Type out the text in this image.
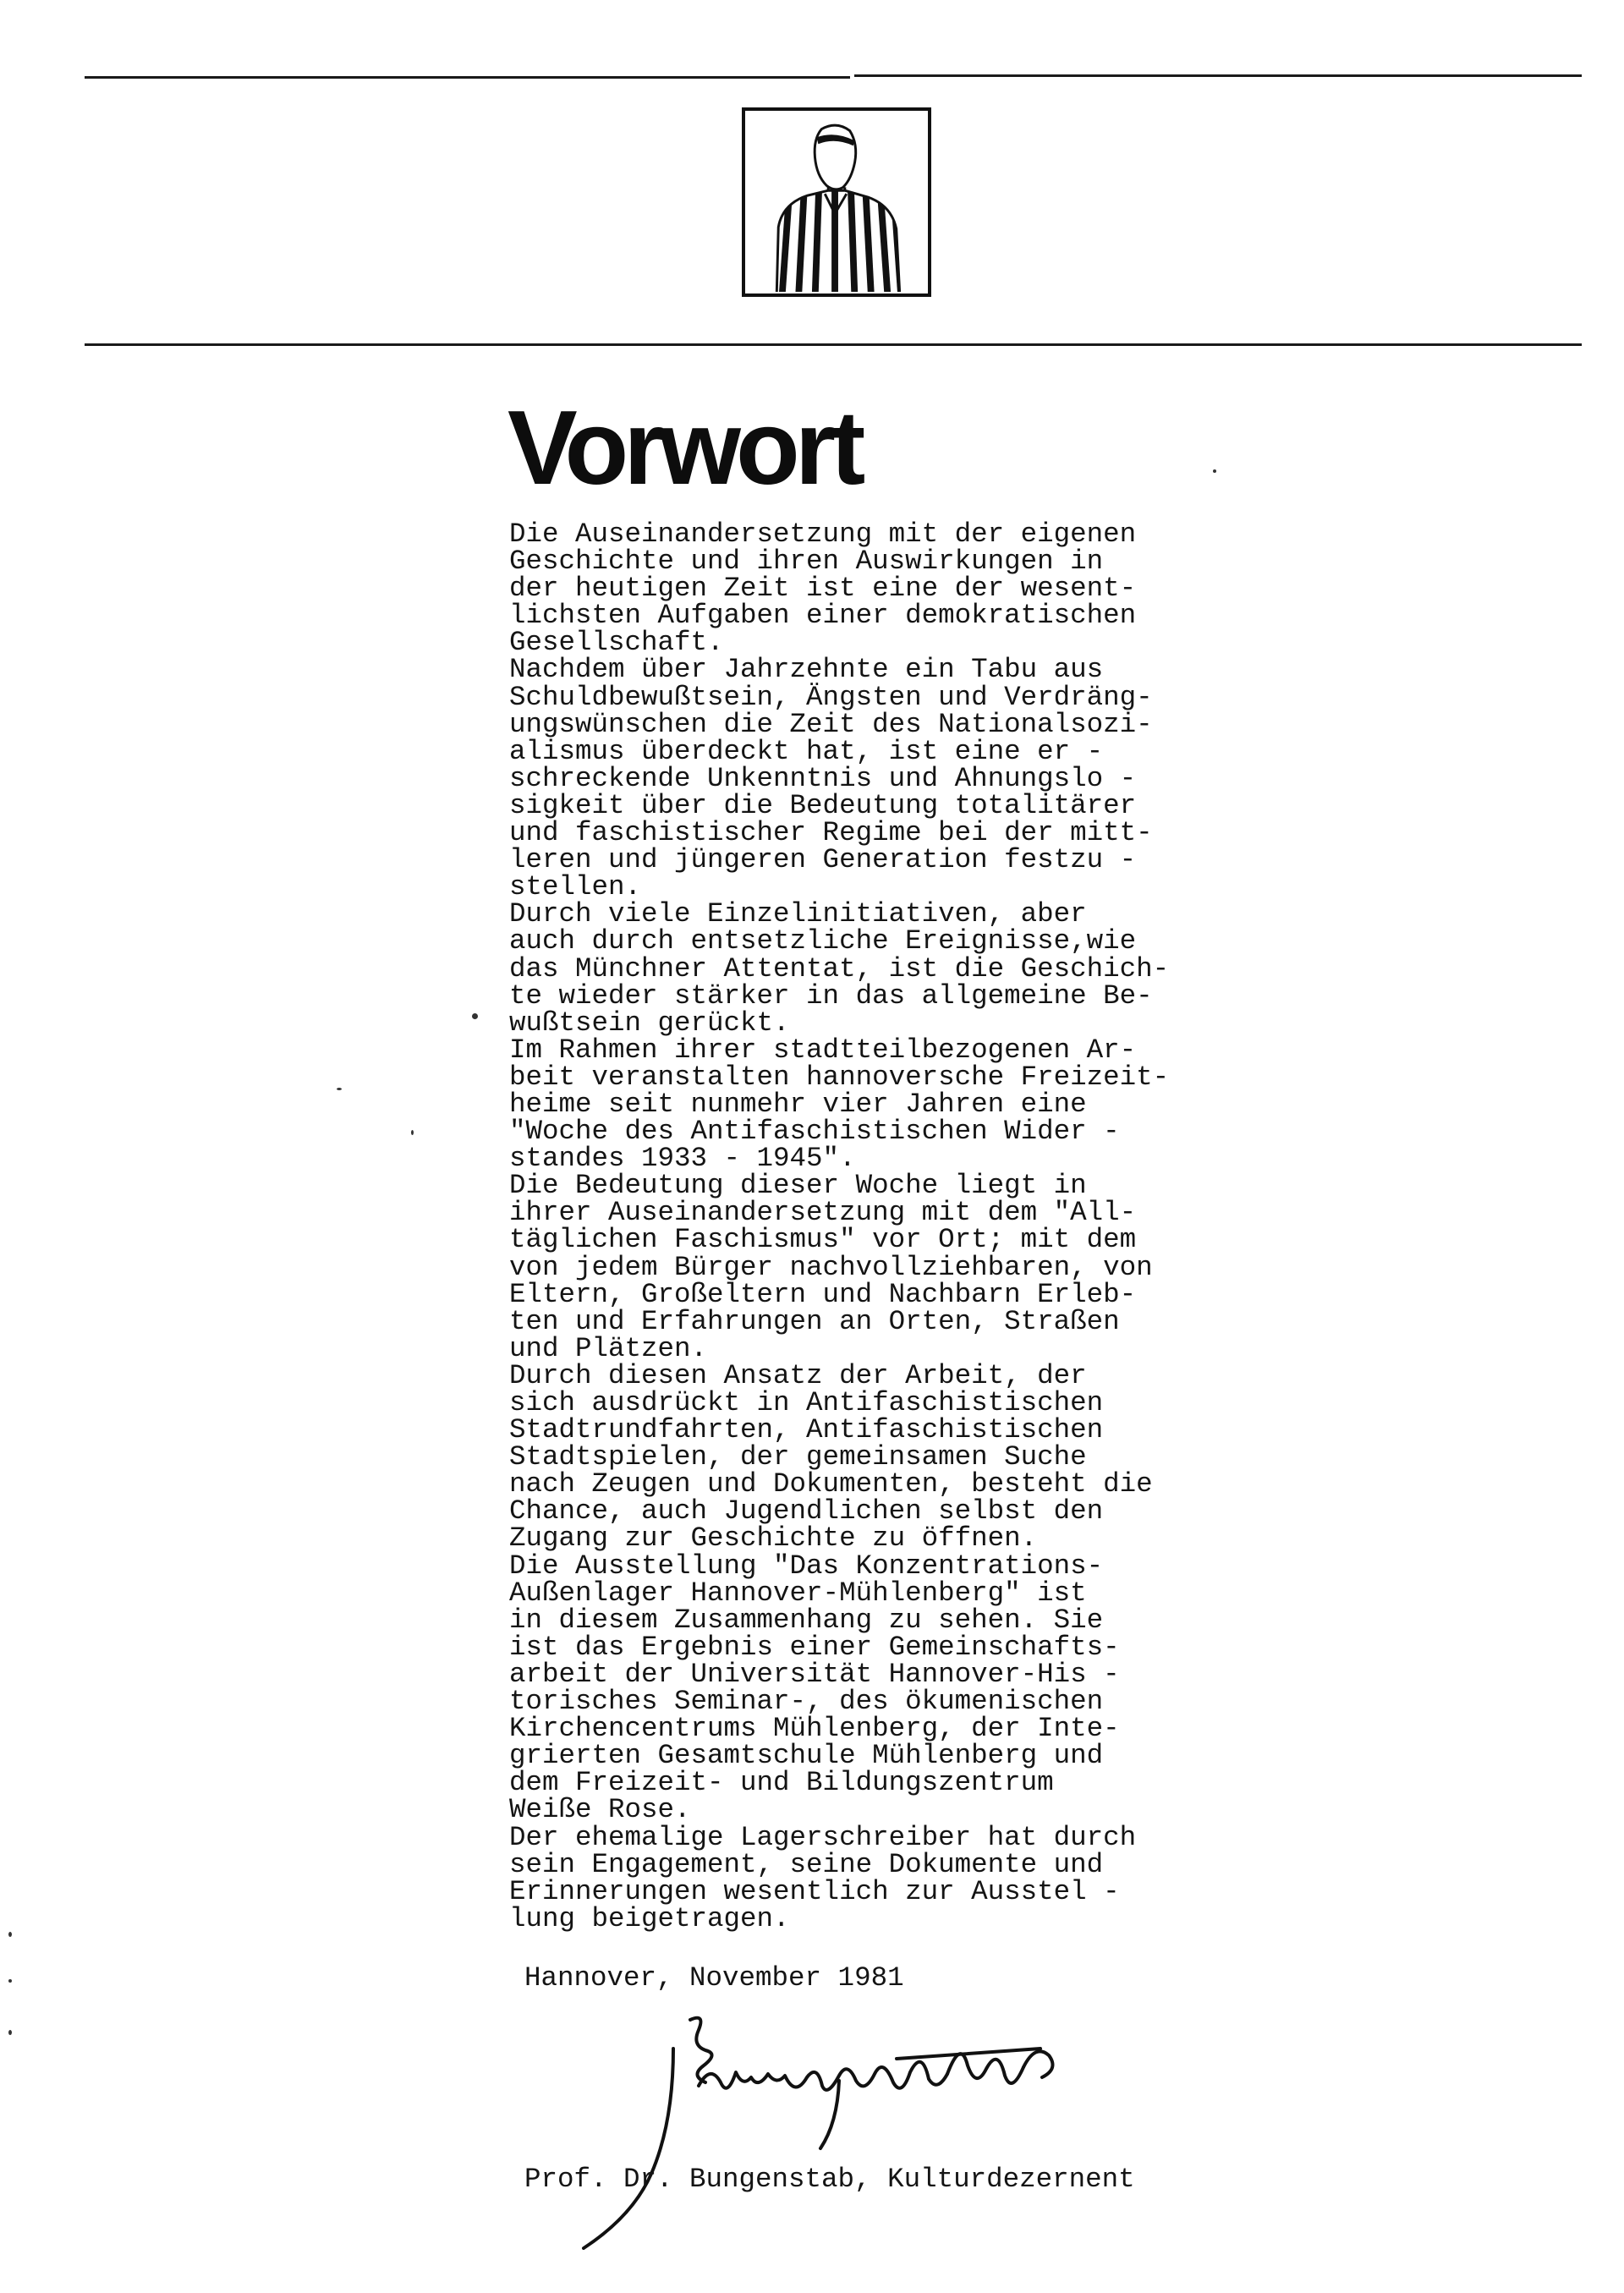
Vorwort
Die Auseinandersetzung mit der eigenen
Geschichte und ihren Auswirkungen in
der heutigen Zeit ist eine der wesent-
lichsten Aufgaben einer demokratischen
Gesellschaft.
Nachdem über Jahrzehnte ein Tabu aus
Schuldbewußtsein, Ängsten und Verdräng-
ungswünschen die Zeit des Nationalsozi-
alismus überdeckt hat, ist eine er -
schreckende Unkenntnis und Ahnungslo -
sigkeit über die Bedeutung totalitärer
und faschistischer Regime bei der mitt-
leren und jüngeren Generation festzu -
stellen.
Durch viele Einzelinitiativen, aber
auch durch entsetzliche Ereignisse,wie
das Münchner Attentat, ist die Geschich-
te wieder stärker in das allgemeine Be-
wußtsein gerückt.
Im Rahmen ihrer stadtteilbezogenen Ar-
beit veranstalten hannoversche Freizeit-
heime seit nunmehr vier Jahren eine
"Woche des Antifaschistischen Wider -
standes 1933 - 1945".
Die Bedeutung dieser Woche liegt in
ihrer Auseinandersetzung mit dem "All-
täglichen Faschismus" vor Ort; mit dem
von jedem Bürger nachvollziehbaren, von
Eltern, Großeltern und Nachbarn Erleb-
ten und Erfahrungen an Orten, Straßen
und Plätzen.
Durch diesen Ansatz der Arbeit, der
sich ausdrückt in Antifaschistischen
Stadtrundfahrten, Antifaschistischen
Stadtspielen, der gemeinsamen Suche
nach Zeugen und Dokumenten, besteht die
Chance, auch Jugendlichen selbst den
Zugang zur Geschichte zu öffnen.
Die Ausstellung "Das Konzentrations-
Außenlager Hannover-Mühlenberg" ist
in diesem Zusammenhang zu sehen. Sie
ist das Ergebnis einer Gemeinschafts-
arbeit der Universität Hannover-His -
torisches Seminar-, des ökumenischen
Kirchencentrums Mühlenberg, der Inte-
grierten Gesamtschule Mühlenberg und
dem Freizeit- und Bildungszentrum
Weiße Rose.
Der ehemalige Lagerschreiber hat durch
sein Engagement, seine Dokumente und
Erinnerungen wesentlich zur Ausstel -
lung beigetragen.
Hannover, November 1981
Prof. Dr. Bungenstab, Kulturdezernent
